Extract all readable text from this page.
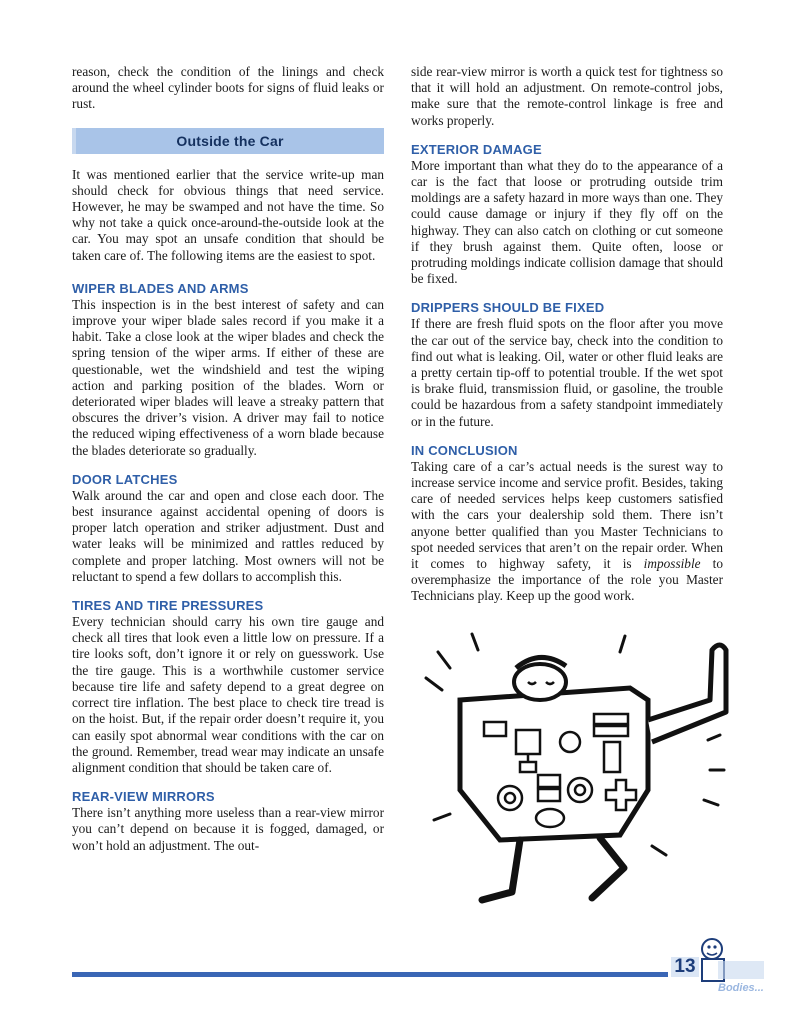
reason, check the condition of the linings and check around the wheel cylinder boots for signs of fluid leaks or rust.

Outside the Car

It was mentioned earlier that the service write-up man should check for obvious things that need service. However, he may be swamped and not have the time. So why not take a quick once-around-the-outside look at the car. You may spot an unsafe condition that should be taken care of. The following items are the easiest to spot.

WIPER BLADES AND ARMS

This inspection is in the best interest of safety and can improve your wiper blade sales record if you make it a habit. Take a close look at the wiper blades and check the spring tension of the wiper arms. If either of these are questionable, wet the windshield and test the wiping action and parking position of the blades. Worn or deteriorated wiper blades will leave a streaky pattern that obscures the driver’s vision. A driver may fail to notice the reduced wiping effectiveness of a worn blade because the blades deteriorate so gradually.

DOOR LATCHES

Walk around the car and open and close each door. The best insurance against accidental opening of doors is proper latch operation and striker adjustment. Dust and water leaks will be minimized and rattles reduced by complete and proper latching. Most owners will not be reluctant to spend a few dollars to accomplish this.

TIRES AND TIRE PRESSURES

Every technician should carry his own tire gauge and check all tires that look even a little low on pressure. If a tire looks soft, don’t ignore it or rely on guesswork. Use the tire gauge. This is a worthwhile customer service because tire life and safety depend to a great degree on correct tire inflation. The best place to check tire tread is on the hoist. But, if the repair order doesn’t require it, you can easily spot abnormal wear conditions with the car on the ground. Remember, tread wear may indicate an unsafe alignment condition that should be taken care of.

REAR-VIEW MIRRORS

There isn’t anything more useless than a rear-view mirror you can’t depend on because it is fogged, damaged, or won’t hold an adjustment. The out-

side rear-view mirror is worth a quick test for tightness so that it will hold an adjustment. On remote-control jobs, make sure that the remote-control linkage is free and works properly.

EXTERIOR DAMAGE

More important than what they do to the appearance of a car is the fact that loose or protruding outside trim moldings are a safety hazard in more ways than one. They could cause damage or injury if they fly off on the highway. They can also catch on clothing or cut someone if they brush against them. Quite often, loose or protruding moldings indicate collision damage that should be fixed.

DRIPPERS SHOULD BE FIXED

If there are fresh fluid spots on the floor after you move the car out of the service bay, check into the condition to find out what is leaking. Oil, water or other fluid leaks are a pretty certain tip-off to potential trouble. If the wet spot is brake fluid, transmission fluid, or gasoline, the trouble could be hazardous from a safety standpoint immediately or in the future.

IN CONCLUSION

Taking care of a car’s actual needs is the surest way to increase service income and service profit. Besides, taking care of needed services helps keep customers satisfied with the cars your dealership sold them. There isn’t anyone better qualified than you Master Technicians to spot needed services that aren’t on the repair order. When it comes to highway safety, it is impossible to overemphasize the importance of the role you Master Technicians play. Keep up the good work.

13
Bodies...
